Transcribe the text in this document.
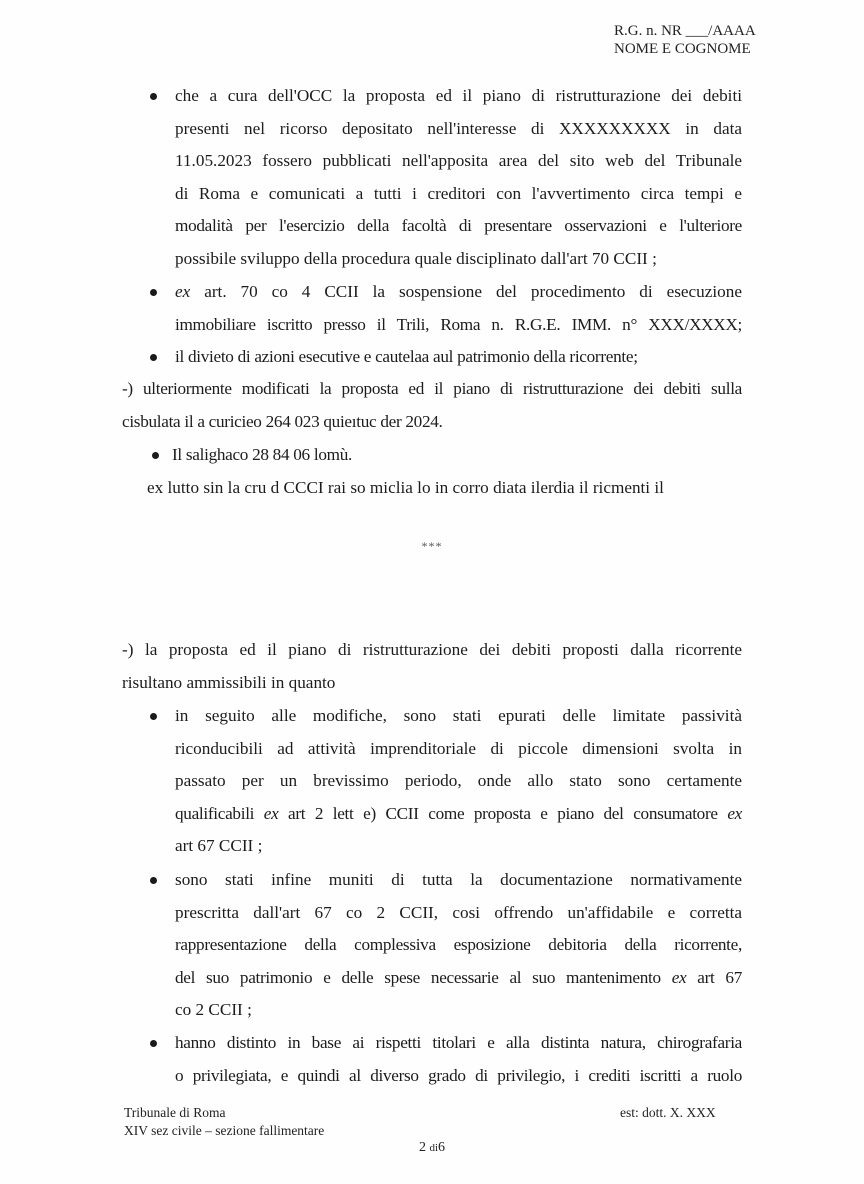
R.G. n. NR ___/AAAA
NOME E COGNOME
che a cura dell'OCC la proposta ed il piano di ristrutturazione dei debiti
presenti nel ricorso depositato nell'interesse di XXXXXXXXX in data
11.05.2023 fossero pubblicati nell'apposita area del sito web del Tribunale
di Roma e comunicati a tutti i creditori con l'avvertimento circa tempi e
modalità per l'esercizio della facoltà di presentare osservazioni e l'ulteriore
possibile sviluppo della procedura quale disciplinato dall'art 70 CCII ;
ex art. 70 co 4 CCII la sospensione del procedimento di esecuzione
immobiliare iscritto presso il Trili, Roma n. R.G.E. IMM. n° XXX/XXXX;
il divieto di azioni esecutive e cautelaa aul patrimonio della ricorrente;
-) ulteriormente modificati la proposta ed il piano di ristrutturazione dei debiti sulla
cisbulata il a curicieo 264 023 quieıtuc der 2024.
Il salighaco 28 84 06 lomù.
ex lutto sin la cru d CCCI rai so miclia lo in corro diata ilerdia il ricmenti il
***
-) la proposta ed il piano di ristrutturazione dei debiti proposti dalla ricorrente
risultano ammissibili in quanto
in seguito alle modifiche, sono stati epurati delle limitate passività
riconducibili ad attività imprenditoriale di piccole dimensioni svolta in
passato per un brevissimo periodo, onde allo stato sono certamente
qualificabili ex art 2 lett e) CCII come proposta e piano del consumatore ex
art 67 CCII ;
sono stati infine muniti di tutta la documentazione normativamente
prescritta dall'art 67 co 2 CCII, cosi offrendo un'affidabile e corretta
rappresentazione della complessiva esposizione debitoria della ricorrente,
del suo patrimonio e delle spese necessarie al suo mantenimento ex art 67
co 2 CCII ;
hanno distinto in base ai rispetti titolari e alla distinta natura, chirografaria
o privilegiata, e quindi al diverso grado di privilegio, i crediti iscritti a ruolo
Tribunale di Roma
XIV sez civile – sezione fallimentare
est: dott. X. XXX
2 di6
